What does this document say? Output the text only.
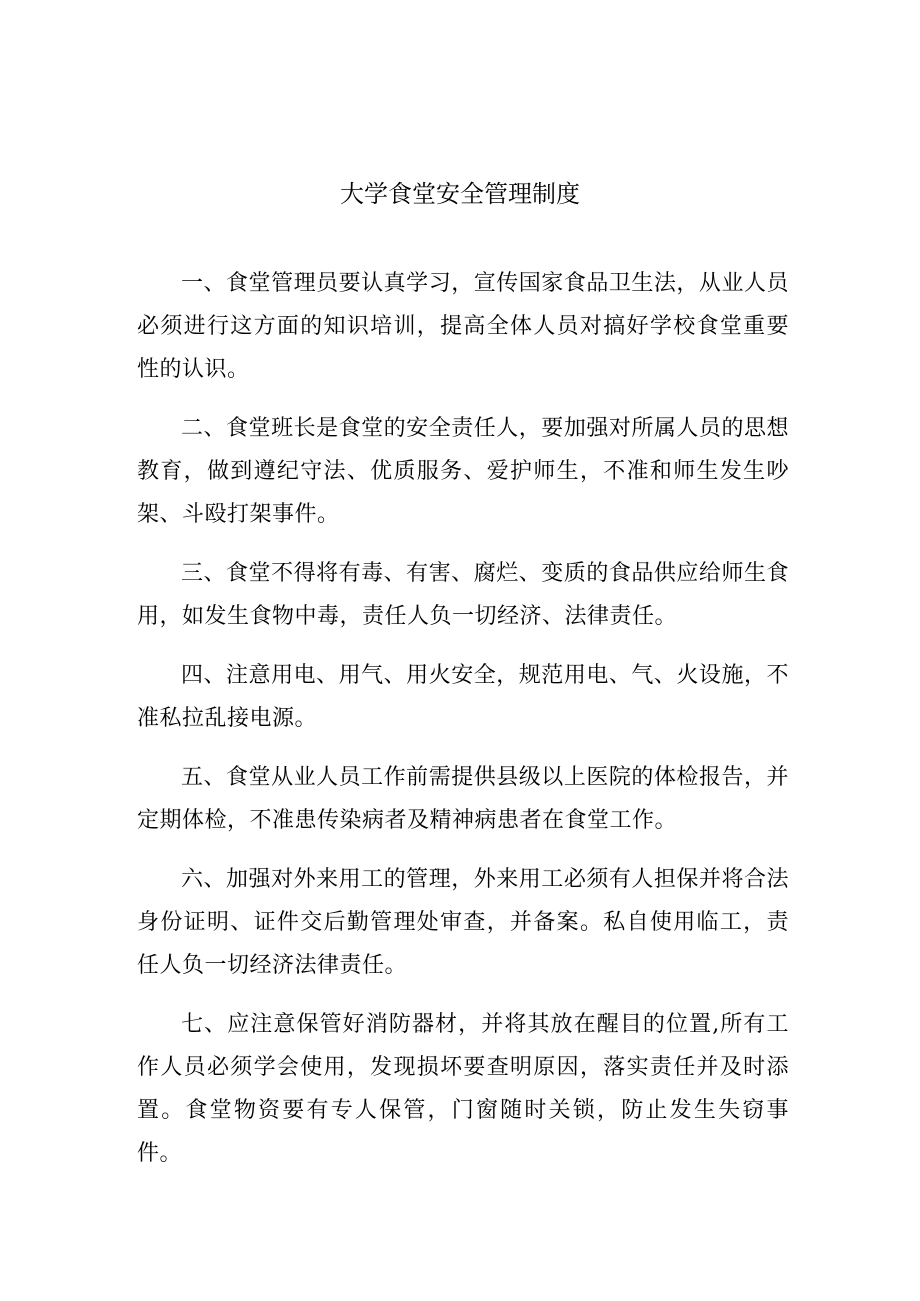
大学食堂安全管理制度

一、食堂管理员要认真学习，宣传国家食品卫生法，从业人员必须进行这方面的知识培训，提高全体人员对搞好学校食堂重要性的认识。

二、食堂班长是食堂的安全责任人，要加强对所属人员的思想教育，做到遵纪守法、优质服务、爱护师生，不准和师生发生吵架、斗殴打架事件。

三、食堂不得将有毒、有害、腐烂、变质的食品供应给师生食用，如发生食物中毒，责任人负一切经济、法律责任。

四、注意用电、用气、用火安全，规范用电、气、火设施，不准私拉乱接电源。

五、食堂从业人员工作前需提供县级以上医院的体检报告，并定期体检，不准患传染病者及精神病患者在食堂工作。

六、加强对外来用工的管理，外来用工必须有人担保并将合法身份证明、证件交后勤管理处审查，并备案。私自使用临工，责任人负一切经济法律责任。

七、应注意保管好消防器材，并将其放在醒目的位置,所有工作人员必须学会使用，发现损坏要查明原因，落实责任并及时添置。食堂物资要有专人保管，门窗随时关锁，防止发生失窃事件。
